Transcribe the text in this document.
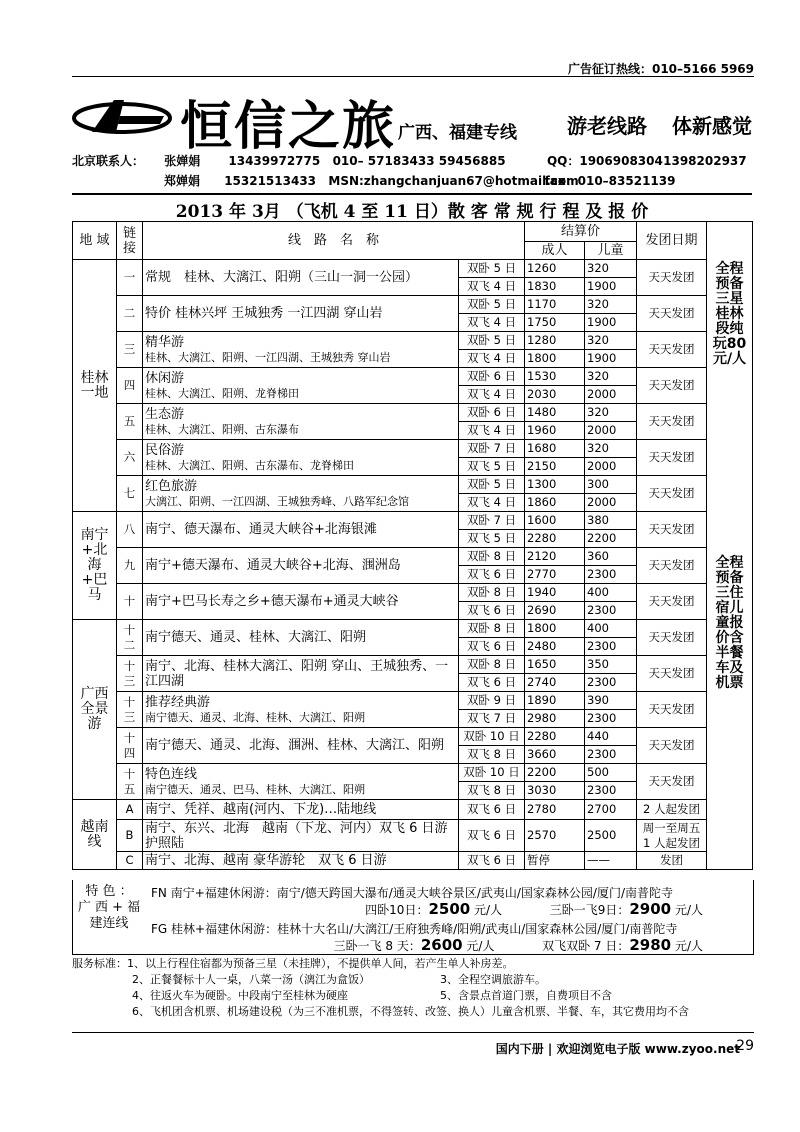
广告征订热线：010–5166 5969
恒信之旅 广西、福建专线	游老线路 体新感觉
北京联系人： 张婵娟 13439972775 010– 57183433 59456885	QQ：1906908304 1398202937
郑婵娟 15321513433 MSN:zhangchanjuan67@hotmail.com fax：010–83521139
2013 年 3月 （飞机 4 至 11 日）散 客 常 规 行 程 及 报 价
地 域	链 接	线　路　名　称		结算价		发团日期	全程预备三星 桂林段纯玩80元/人
全程预备三住宿儿童报价含半餐车及机票

				成人	儿童		
桂林一地	一	常规　桂林、大漓江、阳朔（三山一洞一公园）	双卧 5 日	1260	320	天天发团	
			双飞 4 日	1830	1900		
	二	特价 桂林兴坪 王城独秀 一江四湖 穿山岩	双卧 5 日	1170	320	天天发团	
			双飞 4 日	1750	1900		
	三	精华游
桂林、大漓江、阳朔、一江四湖、王城独秀 穿山岩	双卧 5 日	1280	320	天天发团	
			双飞 4 日	1800	1900		
	四	休闲游
桂林、大漓江、阳朔、龙脊梯田	双卧 6 日	1530	320	天天发团	
			双飞 4 日	2030	2000		
	五	生态游
桂林、大漓江、阳朔、古东瀑布	双卧 6 日	1480	320	天天发团	
			双飞 4 日	1960	2000		
	六	民俗游
桂林、大漓江、阳朔、古东瀑布、龙脊梯田	双卧 7 日	1680	320	天天发团	
			双飞 5 日	2150	2000		
	七	红色旅游
大漓江、阳朔、一江四湖、王城独秀峰、八路军纪念馆	双卧 5 日	1300	300	天天发团	
			双飞 4 日	1860	2000		
南宁+北海+巴马	八	南宁、德天瀑布、通灵大峡谷+北海银滩	双卧 7 日	1600	380	天天发团	
			双飞 5 日	2280	2200		
	九	南宁+德天瀑布、通灵大峡谷+北海、涠洲岛	双卧 8 日	2120	360	天天发团	
			双飞 6 日	2770	2300		
	十	南宁+巴马长寿之乡+德天瀑布+通灵大峡谷	双卧 8 日	1940	400	天天发团	
			双飞 6 日	2690	2300		
广西全景游	十二	南宁德天、通灵、桂林、大漓江、阳朔	双卧 8 日	1800	400	天天发团	
			双飞 6 日	2480	2300		
	十三	南宁、北海、桂林大漓江、阳朔 穿山、王城独秀、一江四湖	双卧 8 日	1650	350	天天发团	
			双飞 6 日	2740	2300		
	十三	推荐经典游
南宁德天、通灵、北海、桂林、大漓江、阳朔	双卧 9 日	1890	390	天天发团	
			双飞 7 日	2980	2300		
	十四	南宁德天、通灵、北海、涠洲、桂林、大漓江、阳朔	双卧 10 日	2280	440	天天发团	
			双飞 8 日	3660	2300		
	十五	特色连线
南宁德天、通灵、巴马、桂林、大漓江、阳朔	双卧 10 日	2200	500	天天发团	
			双飞 8 日	3030	2300		
越南线	A	南宁、凭祥、越南(河内、下龙)…陆地线	双飞 6 日	2780	2700	2 人起发团	
	B	南宁、东兴、北海　越南（下龙、河内）双飞 6 日游 护照陆	双飞 6 日	2570	2500	周一至周五 1 人起发团	
	C	南宁、北海、越南 豪华游轮　双飞 6 日游	双飞 6 日	暂停	——	发团	
特 色 ：
广 西 + 福
建连线
FN 南宁+福建休闲游：南宁/德天跨国大瀑布/通灵大峡谷景区/武夷山/国家森林公园/厦门/南普陀寺
四卧10日：2500 元/人	三卧一飞9日：2900 元/人
FG 桂林+福建休闲游：桂林十大名山/大漓江/王府独秀峰/阳朔/武夷山/国家森林公园/厦门/南普陀寺
三卧一飞 8 天：2600 元/人	双飞双卧 7 日：2980 元/人
服务标准：1、以上行程住宿都为预备三星（未挂牌），不提供单人间，若产生单人补房差。
2、正餐餐标十人一桌，八菜一汤（漓江为盒饭）	3、全程空调旅游车。
4、往返火车为硬卧。中段南宁至桂林为硬座	5、含景点首道门票，自费项目不含
6、飞机团含机票、机场建设税（为三不准机票，不得签转、改签、换人）儿童含机票、半餐、车，其它费用均不含
国内下册 | 欢迎浏览电子版 www.zyoo.net
29
